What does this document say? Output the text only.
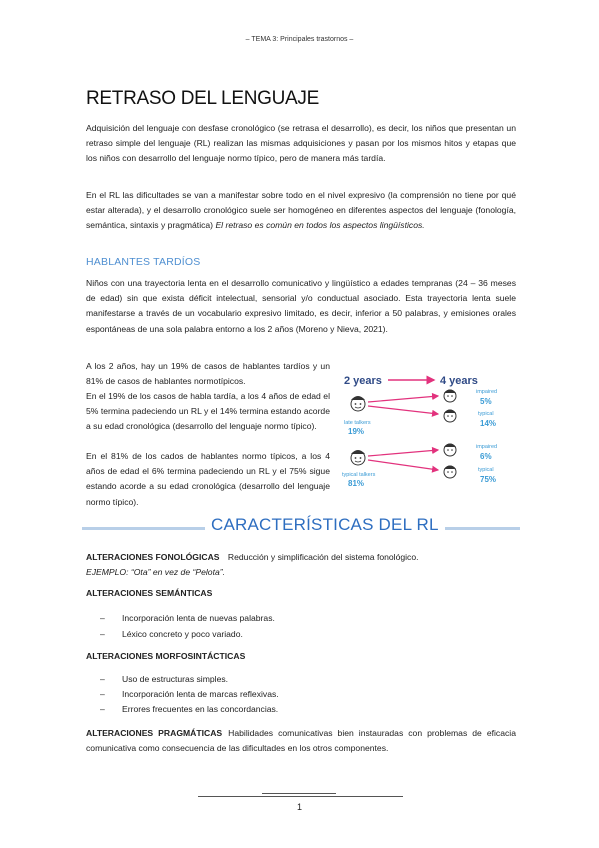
– TEMA 3: Principales trastornos –
RETRASO DEL LENGUAJE
Adquisición del lenguaje con desfase cronológico (se retrasa el desarrollo), es decir, los niños que presentan un retraso simple del lenguaje (RL) realizan las mismas adquisiciones y pasan por los mismos hitos y etapas que los niños con desarrollo del lenguaje normo típico, pero de manera más tardía.
En el RL las dificultades se van a manifestar sobre todo en el nivel expresivo (la comprensión no tiene por qué estar alterada), y el desarrollo cronológico suele ser homogéneo en diferentes aspectos del lenguaje (fonología, semántica, sintaxis y pragmática) El retraso es común en todos los aspectos lingüísticos.
HABLANTES TARDÍOS
Niños con una trayectoria lenta en el desarrollo comunicativo y lingüístico a edades tempranas (24 – 36 meses de edad) sin que exista déficit intelectual, sensorial y/o conductual asociado. Esta trayectoria lenta suele manifestarse a través de un vocabulario expresivo limitado, es decir, inferior a 50 palabras, y emisiones orales espontáneas de una sola palabra entorno a los 2 años (Moreno y Nieva, 2021).
A los 2 años, hay un 19% de casos de hablantes tardíos y un 81% de casos de hablantes normotípicos.
En el 19% de los casos de habla tardía, a los 4 años de edad el 5% termina padeciendo un RL y el 14% termina estando acorde a su edad cronológica (desarrollo del lenguaje normo típico).
En el 81% de los cados de hablantes normo típicos, a los 4 años de edad el 6% termina padeciendo un RL y el 75% sigue estando acorde a su edad cronológica (desarrollo del lenguaje normo típico).
2 years	4 years
late talkers
19%
impaired
5%
typical
14%
typical talkers
81%
impaired
6%
typical
75%
CARACTERÍSTICAS DEL RL
ALTERACIONES FONOLÓGICAS Reducción y simplificación del sistema fonológico.
EJEMPLO: “Ota” en vez de “Pelota”.
ALTERACIONES SEMÁNTICAS
– Incorporación lenta de nuevas palabras.
– Léxico concreto y poco variado.
ALTERACIONES MORFOSINTÁCTICAS
– Uso de estructuras simples.
– Incorporación lenta de marcas reflexivas.
– Errores frecuentes en las concordancias.
ALTERACIONES PRAGMÁTICAS Habilidades comunicativas bien instauradas con problemas de eficacia comunicativa como consecuencia de las dificultades en los otros componentes.
1
